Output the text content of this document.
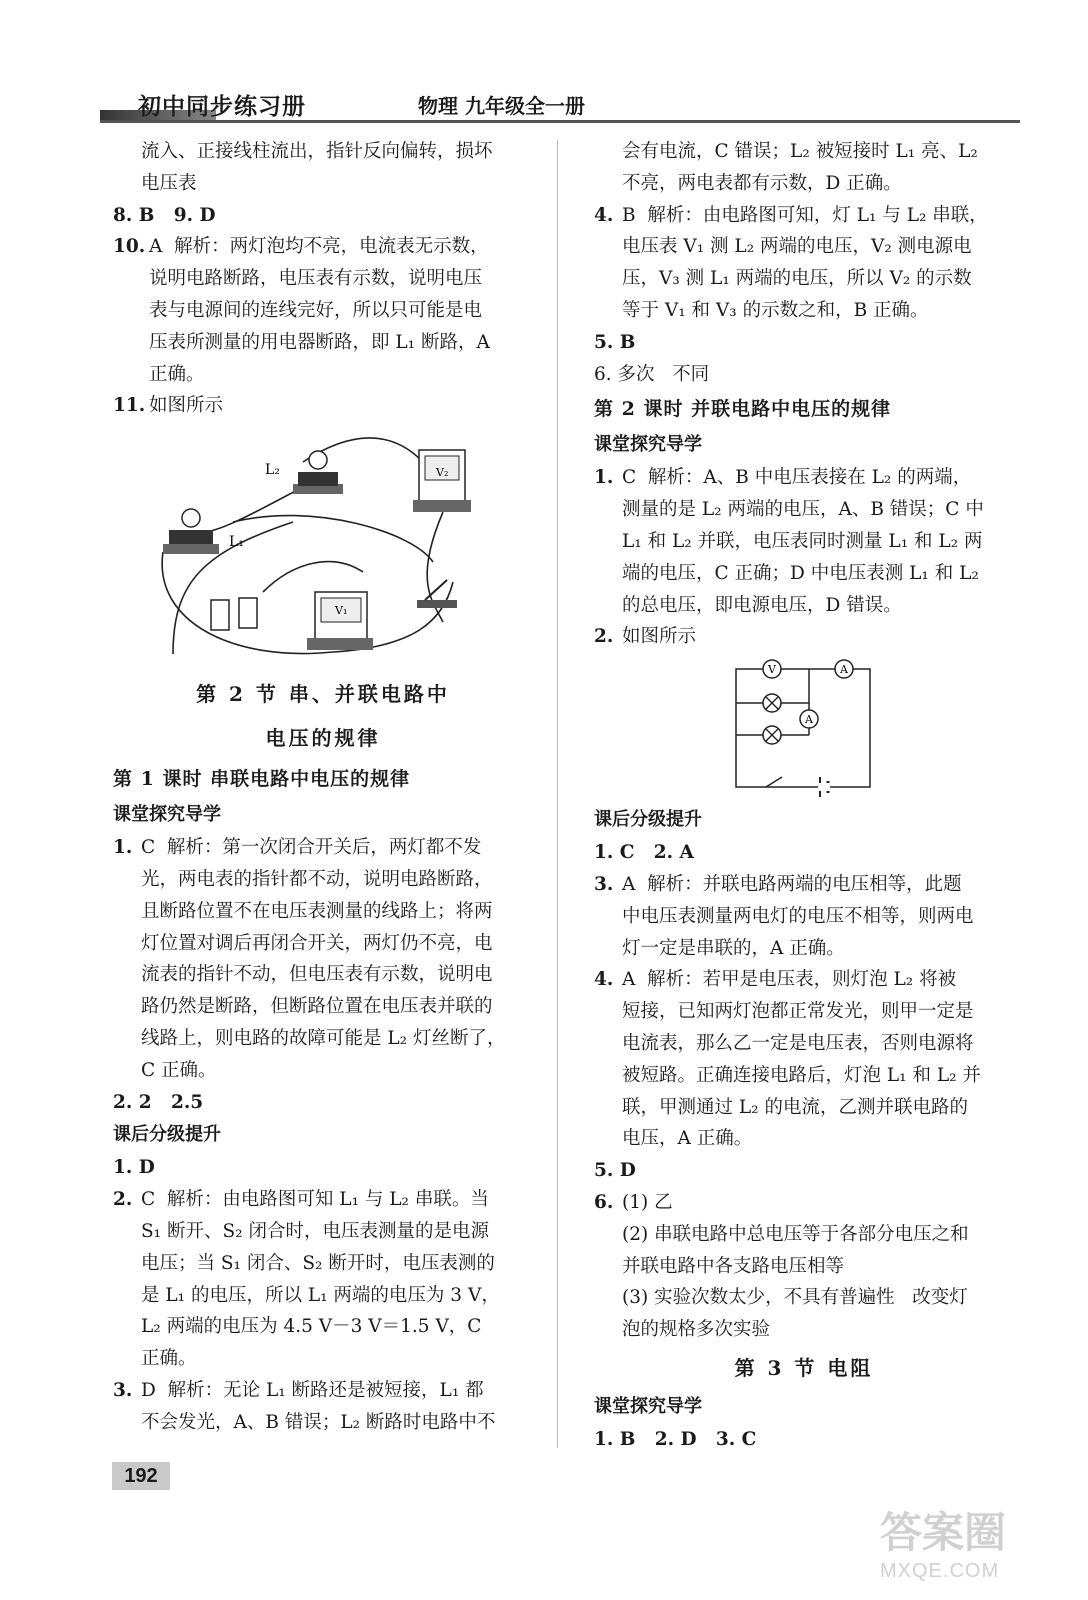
初中同步练习册	物理 九年级全一册

流入、正接线柱流出，指针反向偏转，损坏

电压表

8. B   9. D

10. A  解析：两灯泡均不亮，电流表无示数，

说明电路断路，电压表有示数，说明电压

表与电源间的连线完好，所以只可能是电

压表所测量的用电器断路，即 L₁ 断路，A

正确。

11. 如图所示

L₂
L₁
V₂
V₁
第 2 节 串、并联电路中
电压的规律
第 1 课时 串联电路中电压的规律
课堂探究导学
1. C  解析：第一次闭合开关后，两灯都不发

光，两电表的指针都不动，说明电路断路，

且断路位置不在电压表测量的线路上；将两

灯位置对调后再闭合开关，两灯仍不亮，电

流表的指针不动，但电压表有示数，说明电

路仍然是断路，但断路位置在电压表并联的

线路上，则电路的故障可能是 L₂ 灯丝断了，

C 正确。

2. 2   2.5

课后分级提升

1. D

2. C  解析：由电路图可知 L₁ 与 L₂ 串联。当

S₁ 断开、S₂ 闭合时，电压表测量的是电源

电压；当 S₁ 闭合、S₂ 断开时，电压表测的

是 L₁ 的电压，所以 L₁ 两端的电压为 3 V，

L₂ 两端的电压为 4.5 V－3 V＝1.5 V，C

正确。

3. D  解析：无论 L₁ 断路还是被短接，L₁ 都

不会发光，A、B 错误；L₂ 断路时电路中不

会有电流，C 错误；L₂ 被短接时 L₁ 亮、L₂

不亮，两电表都有示数，D 正确。

4. B  解析：由电路图可知，灯 L₁ 与 L₂ 串联，

电压表 V₁ 测 L₂ 两端的电压，V₂ 测电源电

压，V₃ 测 L₁ 两端的电压，所以 V₂ 的示数

等于 V₁ 和 V₃ 的示数之和，B 正确。

5. B

6. 多次   不同

第 2 课时 并联电路中电压的规律
课堂探究导学
1. C  解析：A、B 中电压表接在 L₂ 的两端，

测量的是 L₂ 两端的电压，A、B 错误；C 中

L₁ 和 L₂ 并联，电压表同时测量 L₁ 和 L₂ 两

端的电压，C 正确；D 中电压表测 L₁ 和 L₂

的总电压，即电源电压，D 错误。

2. 如图所示

V	A
A
课后分级提升

1. C   2. A

3. A  解析：并联电路两端的电压相等，此题

中电压表测量两电灯的电压不相等，则两电

灯一定是串联的，A 正确。

4. A  解析：若甲是电压表，则灯泡 L₂ 将被

短接，已知两灯泡都正常发光，则甲一定是

电流表，那么乙一定是电压表，否则电源将

被短路。正确连接电路后，灯泡 L₁ 和 L₂ 并

联，甲测通过 L₂ 的电流，乙测并联电路的

电压，A 正确。

5. D

6. (1) 乙

(2) 串联电路中总电压等于各部分电压之和

并联电路中各支路电压相等

(3) 实验次数太少，不具有普遍性   改变灯

泡的规格多次实验

第 3 节 电阻
课堂探究导学

1. B   2. D   3. C

192
答案圈
MXQE.COM
